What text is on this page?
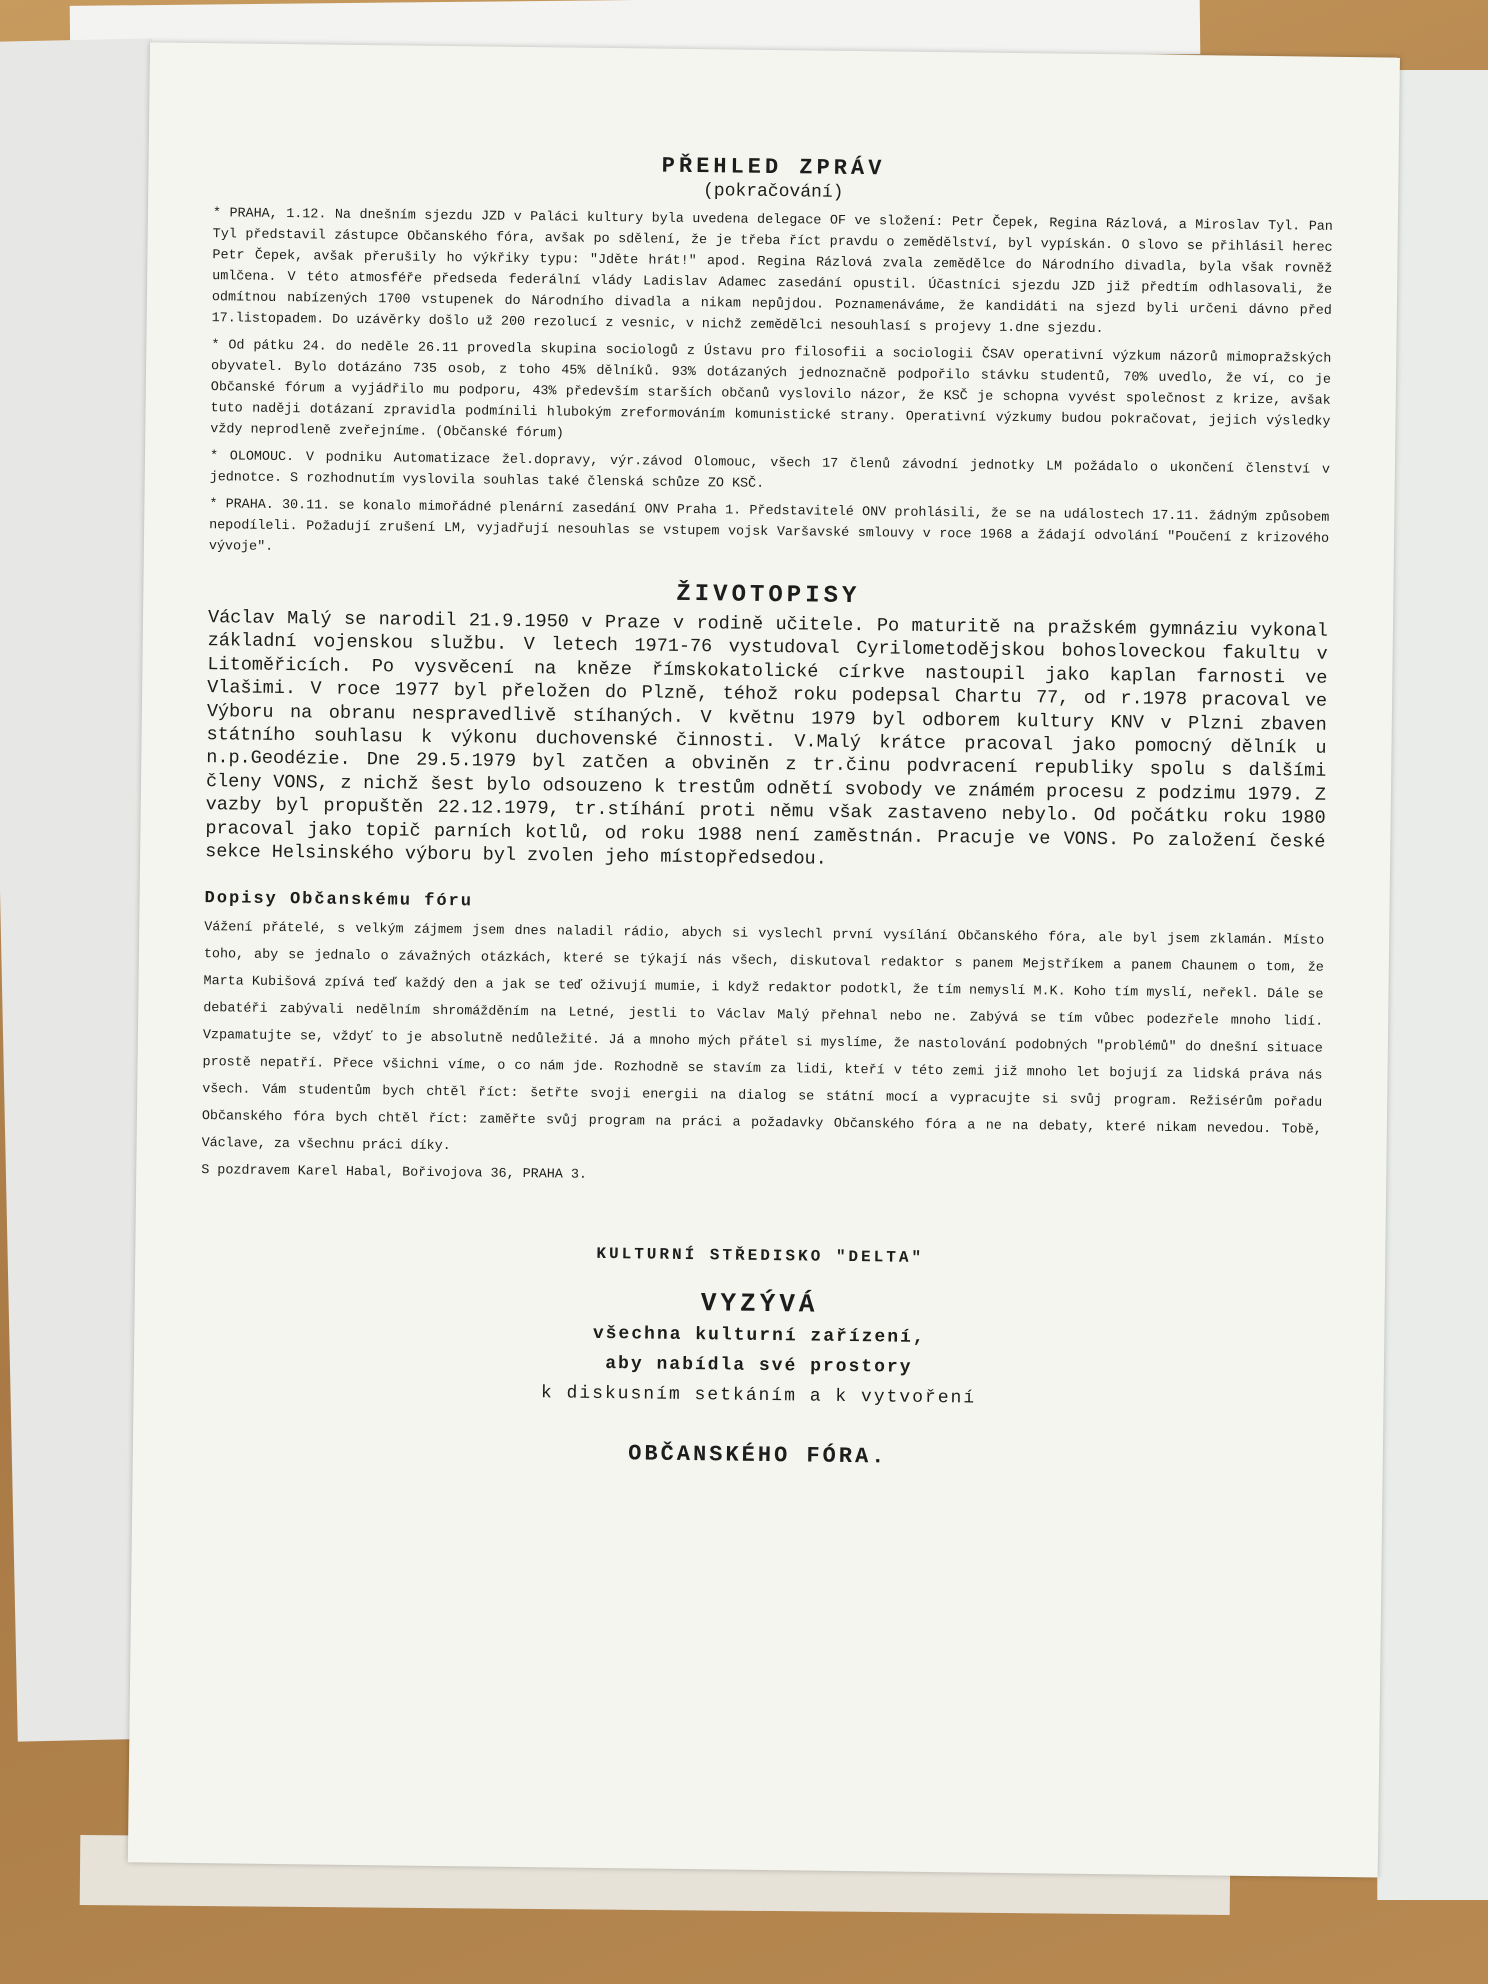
PŘEHLED ZPRÁV
(pokračování)

* PRAHA, 1.12. Na dnešním sjezdu JZD v Paláci kultury byla uvedena delegace OF ve složení: Petr Čepek, Regina Rázlová, a Miroslav Tyl. Pan Tyl představil zástupce Občanského fóra, avšak po sdělení, že je třeba říct pravdu o zemědělství, byl vypískán. O slovo se přihlásil herec Petr Čepek, avšak přerušily ho výkřiky typu: "Jděte hrát!" apod. Regina Rázlová zvala zemědělce do Národního divadla, byla však rovněž umlčena. V této atmosféře předseda federální vlády Ladislav Adamec zasedání opustil. Účastníci sjezdu JZD již předtím odhlasovali, že odmítnou nabízených 1700 vstupenek do Národního divadla a nikam nepůjdou. Poznamenáváme, že kandidáti na sjezd byli určeni dávno před 17.listopadem. Do uzávěrky došlo už 200 rezolucí z vesnic, v nichž zemědělci nesouhlasí s projevy 1.dne sjezdu.

* Od pátku 24. do neděle 26.11 provedla skupina sociologů z Ústavu pro filosofii a sociologii ČSAV operativní výzkum názorů mimopražských obyvatel. Bylo dotázáno 735 osob, z toho 45% dělníků. 93% dotázaných jednoznačně podpořilo stávku studentů, 70% uvedlo, že ví, co je Občanské fórum a vyjádřilo mu podporu, 43% především starších občanů vyslovilo názor, že KSČ je schopna vyvést společnost z krize, avšak tuto naději dotázaní zpravidla podmínili hlubokým zreformováním komunistické strany. Operativní výzkumy budou pokračovat, jejich výsledky vždy neprodleně zveřejníme. (Občanské fórum)

* OLOMOUC. V podniku Automatizace žel.dopravy, výr.závod Olomouc, všech 17 členů závodní jednotky LM požádalo o ukončení členství v jednotce. S rozhodnutím vyslovila souhlas také členská schůze ZO KSČ.

* PRAHA. 30.11. se konalo mimořádné plenární zasedání ONV Praha 1. Představitelé ONV prohlásili, že se na událostech 17.11. žádným způsobem nepodíleli. Požadují zrušení LM, vyjadřují nesouhlas se vstupem vojsk Varšavské smlouvy v roce 1968 a žádají odvolání "Poučení z krizového vývoje".

ŽIVOTOPISY

Václav Malý se narodil 21.9.1950 v Praze v rodině učitele. Po maturitě na pražském gymnáziu vykonal základní vojenskou službu. V letech 1971-76 vystudoval Cyrilometodějskou bohosloveckou fakultu v Litoměřicích. Po vysvěcení na kněze římskokatolické církve nastoupil jako kaplan farnosti ve Vlašimi. V roce 1977 byl přeložen do Plzně, téhož roku podepsal Chartu 77, od r.1978 pracoval ve Výboru na obranu nespravedlivě stíhaných. V květnu 1979 byl odborem kultury KNV v Plzni zbaven státního souhlasu k výkonu duchovenské činnosti. V.Malý krátce pracoval jako pomocný dělník u n.p.Geodézie. Dne 29.5.1979 byl zatčen a obviněn z tr.činu podvracení republiky spolu s dalšími členy VONS, z nichž šest bylo odsouzeno k trestům odnětí svobody ve známém procesu z podzimu 1979. Z vazby byl propuštěn 22.12.1979, tr.stíhání proti němu však zastaveno nebylo. Od počátku roku 1980 pracoval jako topič parních kotlů, od roku 1988 není zaměstnán. Pracuje ve VONS. Po založení české sekce Helsinského výboru byl zvolen jeho místopředsedou.

Dopisy Občanskému fóru

Vážení přátelé, s velkým zájmem jsem dnes naladil rádio, abych si vyslechl první vysílání Občanského fóra, ale byl jsem zklamán. Místo toho, aby se jednalo o závažných otázkách, které se týkají nás všech, diskutoval redaktor s panem Mejstříkem a panem Chaunem o tom, že Marta Kubišová zpívá teď každý den a jak se teď oživují mumie, i když redaktor podotkl, že tím nemyslí M.K. Koho tím myslí, neřekl. Dále se debatéři zabývali nedělním shromážděním na Letné, jestli to Václav Malý přehnal nebo ne. Zabývá se tím vůbec podezřele mnoho lidí. Vzpamatujte se, vždyť to je absolutně nedůležité. Já a mnoho mých přátel si myslíme, že nastolování podobných "problémů" do dnešní situace prostě nepatří. Přece všichni víme, o co nám jde. Rozhodně se stavím za lidi, kteří v této zemi již mnoho let bojují za lidská práva nás všech. Vám studentům bych chtěl říct: šetřte svoji energii na dialog se státní mocí a vypracujte si svůj program. Režisérům pořadu Občanského fóra bych chtěl říct: zaměřte svůj program na práci a požadavky Občanského fóra a ne na debaty, které nikam nevedou. Tobě, Václave, za všechnu práci díky.

S pozdravem Karel Habal, Bořivojova 36, PRAHA 3.

KULTURNÍ STŘEDISKO "DELTA"

VYZÝVÁ

všechna kulturní zařízení,

aby nabídla své prostory

k diskusním setkáním a k vytvoření

OBČANSKÉHO FÓRA.
